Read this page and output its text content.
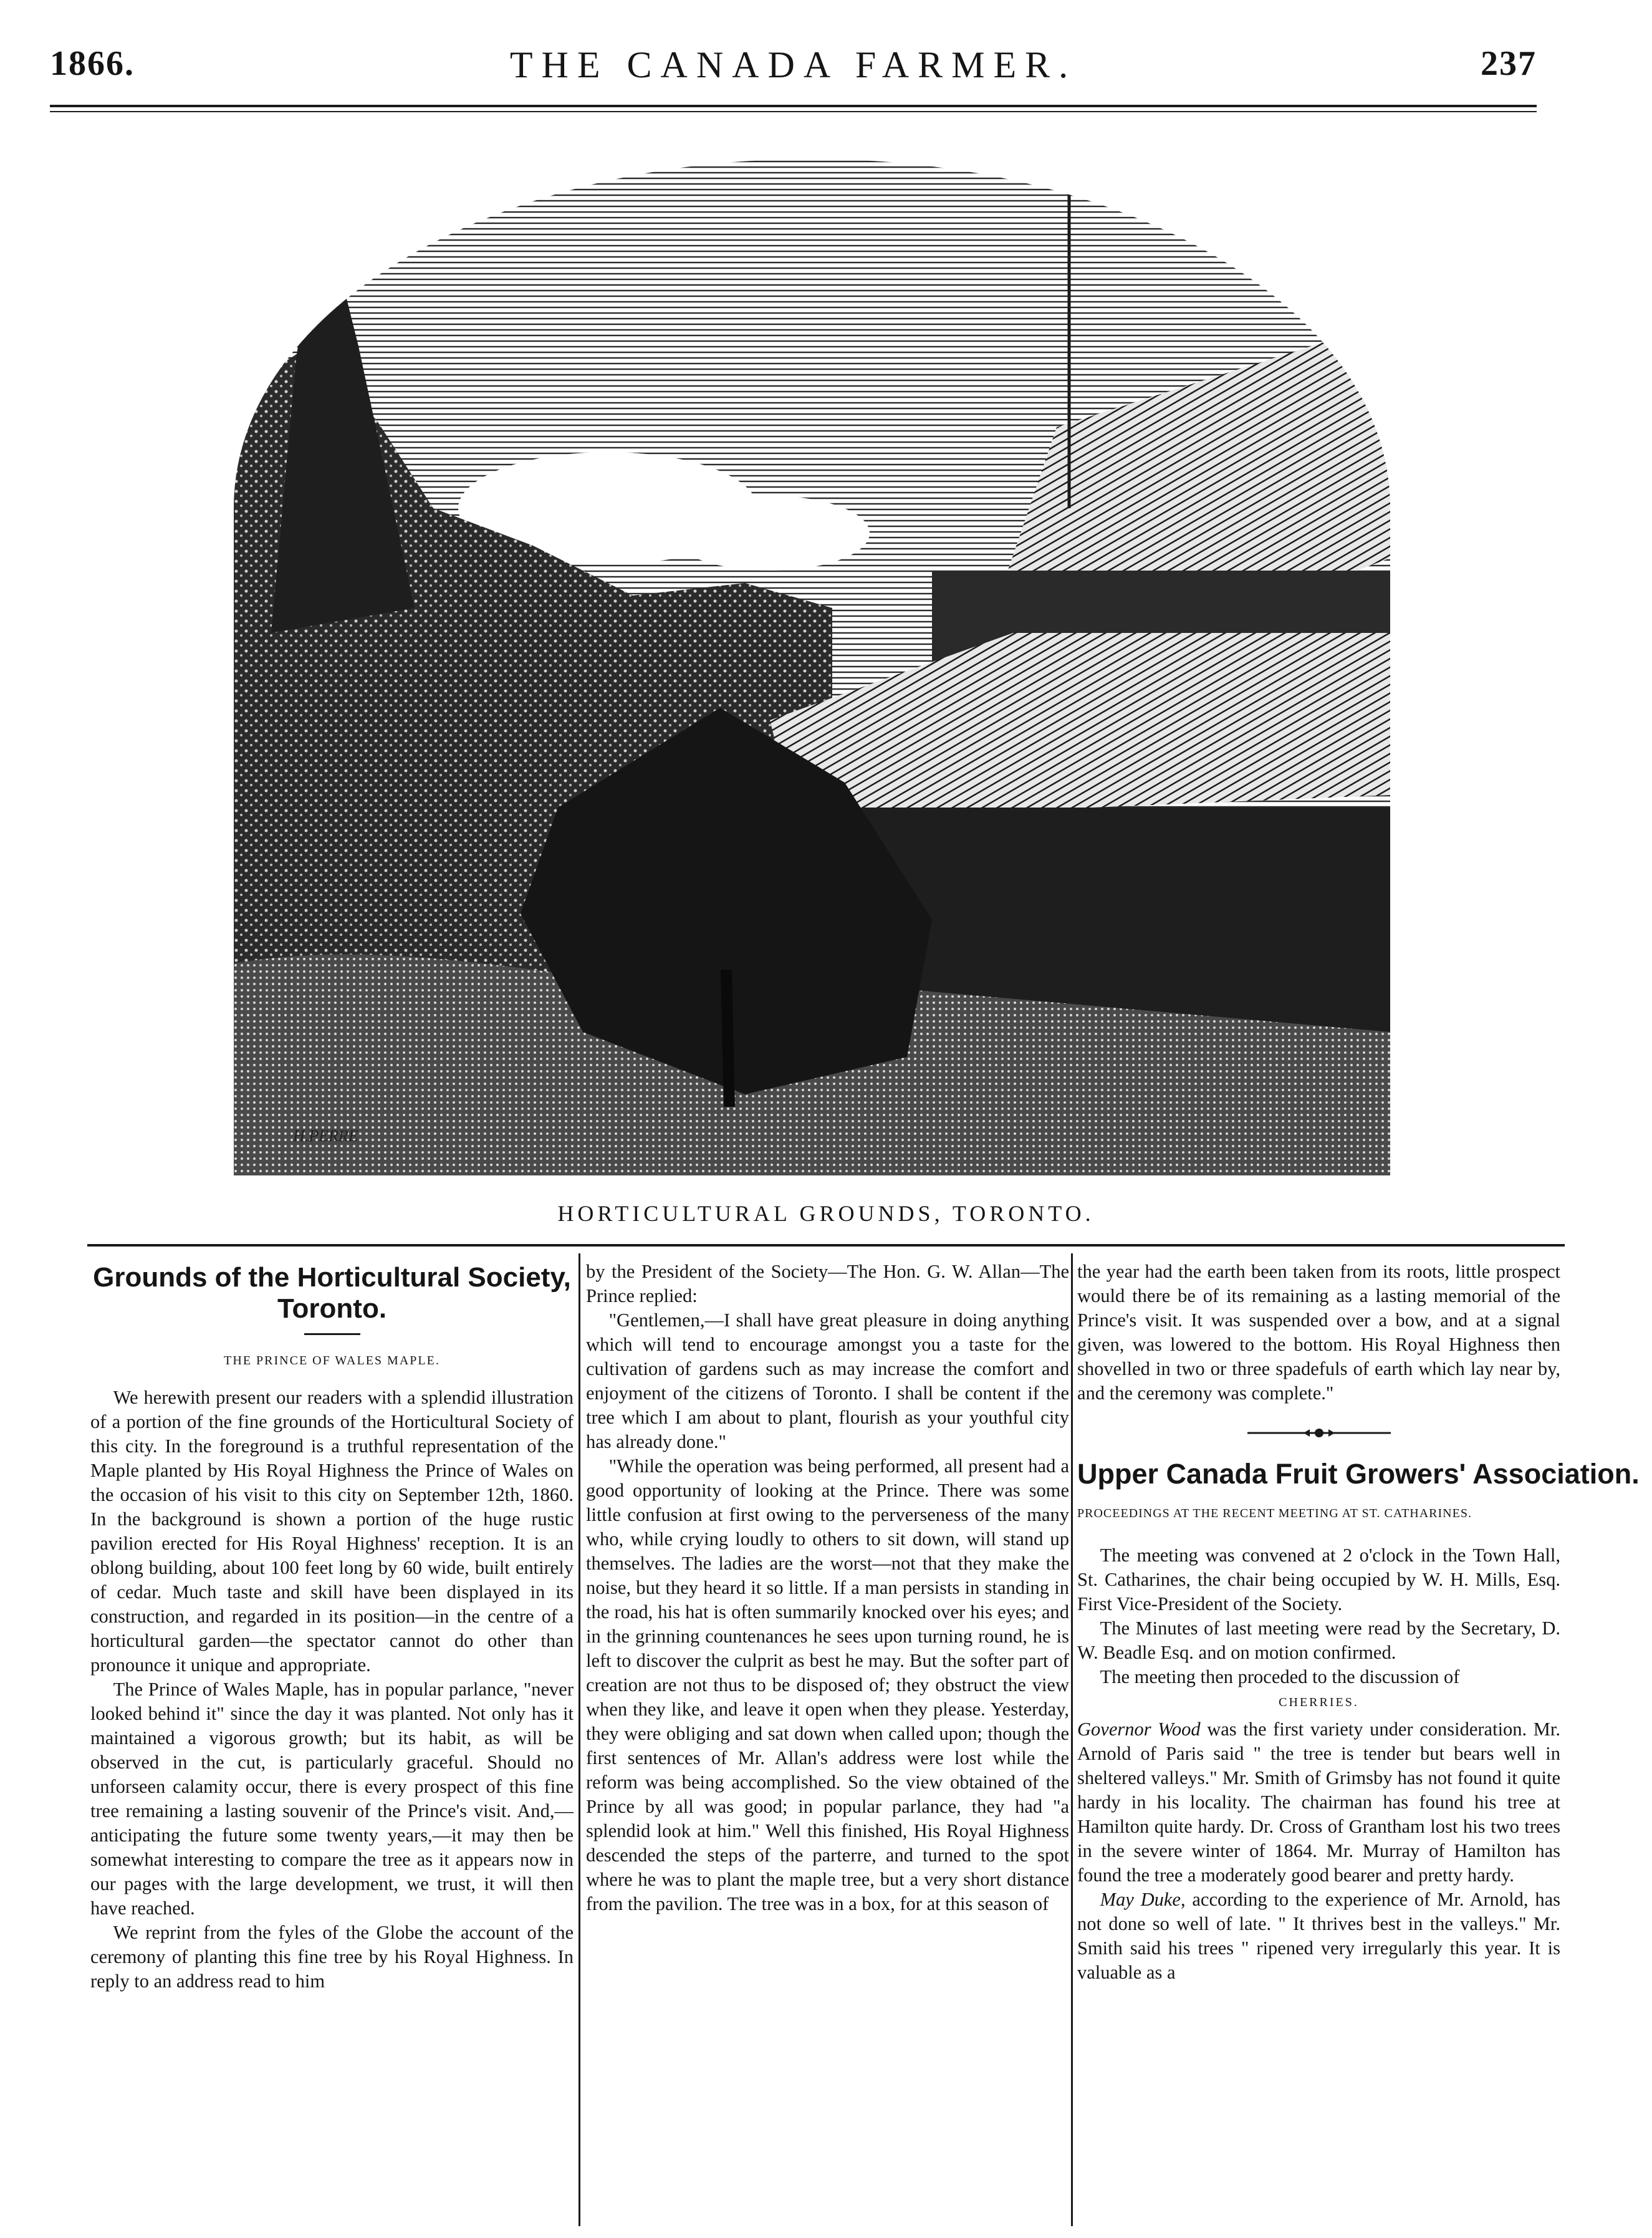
1866.	THE CANADA FARMER.	237
H.PERRE
HORTICULTURAL GROUNDS, TORONTO.
Grounds of the Horticultural Society, Toronto.
THE PRINCE OF WALES MAPLE.

We herewith present our readers with a splendid illustration of a portion of the fine grounds of the Horticultural Society of this city. In the foreground is a truthful representation of the Maple planted by His Royal Highness the Prince of Wales on the occasion of his visit to this city on September 12th, 1860. In the background is shown a portion of the huge rustic pavilion erected for His Royal Highness' reception. It is an oblong building, about 100 feet long by 60 wide, built entirely of cedar. Much taste and skill have been displayed in its construction, and regarded in its position—in the centre of a horticultural garden—the spectator cannot do other than pronounce it unique and appropriate.

The Prince of Wales Maple, has in popular parlance, "never looked behind it" since the day it was planted. Not only has it maintained a vigorous growth; but its habit, as will be observed in the cut, is particularly graceful. Should no unforseen calamity occur, there is every prospect of this fine tree remaining a lasting souvenir of the Prince's visit. And,—anticipating the future some twenty years,—it may then be somewhat interesting to compare the tree as it appears now in our pages with the large development, we trust, it will then have reached.

We reprint from the fyles of the Globe the account of the ceremony of planting this fine tree by his Royal Highness. In reply to an address read to him

by the President of the Society—The Hon. G. W. Allan—The Prince replied:

"Gentlemen,—I shall have great pleasure in doing anything which will tend to encourage amongst you a taste for the cultivation of gardens such as may increase the comfort and enjoyment of the citizens of Toronto. I shall be content if the tree which I am about to plant, flourish as your youthful city has already done."

"While the operation was being performed, all present had a good opportunity of looking at the Prince. There was some little confusion at first owing to the perverseness of the many who, while crying loudly to others to sit down, will stand up themselves. The ladies are the worst—not that they make the noise, but they heard it so little. If a man persists in standing in the road, his hat is often summarily knocked over his eyes; and in the grinning countenances he sees upon turning round, he is left to discover the culprit as best he may. But the softer part of creation are not thus to be disposed of; they obstruct the view when they like, and leave it open when they please. Yesterday, they were obliging and sat down when called upon; though the first sentences of Mr. Allan's address were lost while the reform was being accomplished. So the view obtained of the Prince by all was good; in popular parlance, they had "a splendid look at him." Well this finished, His Royal Highness descended the steps of the parterre, and turned to the spot where he was to plant the maple tree, but a very short distance from the pavilion. The tree was in a box, for at this season of

the year had the earth been taken from its roots, little prospect would there be of its remaining as a lasting memorial of the Prince's visit. It was suspended over a bow, and at a signal given, was lowered to the bottom. His Royal Highness then shovelled in two or three spadefuls of earth which lay near by, and the ceremony was complete."

Upper Canada Fruit Growers' Association.
PROCEEDINGS AT THE RECENT MEETING AT ST. CATHARINES.

The meeting was convened at 2 o'clock in the Town Hall, St. Catharines, the chair being occupied by W. H. Mills, Esq. First Vice-President of the Society.

The Minutes of last meeting were read by the Secretary, D. W. Beadle Esq. and on motion confirmed.

The meeting then proceded to the discussion of

CHERRIES.

Governor Wood was the first variety under consideration. Mr. Arnold of Paris said " the tree is tender but bears well in sheltered valleys." Mr. Smith of Grimsby has not found it quite hardy in his locality. The chairman has found his tree at Hamilton quite hardy. Dr. Cross of Grantham lost his two trees in the severe winter of 1864. Mr. Murray of Hamilton has found the tree a moderately good bearer and pretty hardy.

May Duke, according to the experience of Mr. Arnold, has not done so well of late. " It thrives best in the valleys." Mr. Smith said his trees " ripened very irregularly this year. It is valuable as a
